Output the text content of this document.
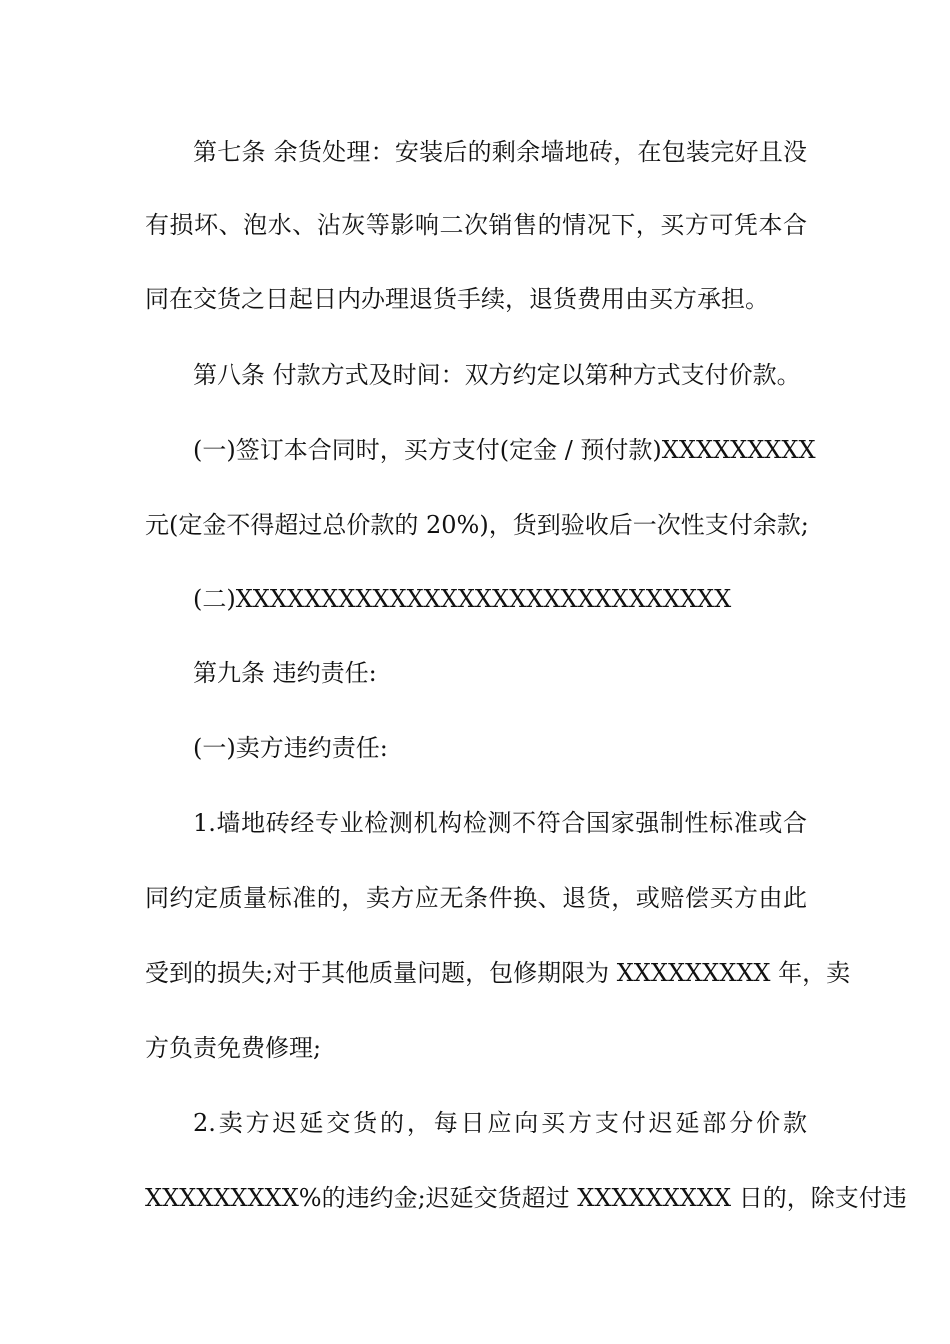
第七条 余货处理：安装后的剩余墙地砖，在包装完好且没
有损坏、泡水、沾灰等影响二次销售的情况下，买方可凭本合
同在交货之日起日内办理退货手续，退货费用由买方承担。
第八条 付款方式及时间：双方约定以第种方式支付价款。
(一)签订本合同时，买方支付(定金 / 预付款)XXXXXXXXX
元(定金不得超过总价款的 20%)，货到验收后一次性支付余款;
(二)XXXXXXXXXXXXXXXXXXXXXXXXXXXXX
第九条 违约责任:
(一)卖方违约责任:
1.墙地砖经专业检测机构检测不符合国家强制性标准或合
同约定质量标准的，卖方应无条件换、退货，或赔偿买方由此
受到的损失;对于其他质量问题，包修期限为 XXXXXXXXX 年，卖
方负责免费修理;
2.卖方迟延交货的，每日应向买方支付迟延部分价款
XXXXXXXXX%的违约金;迟延交货超过 XXXXXXXXX 日的，除支付违
